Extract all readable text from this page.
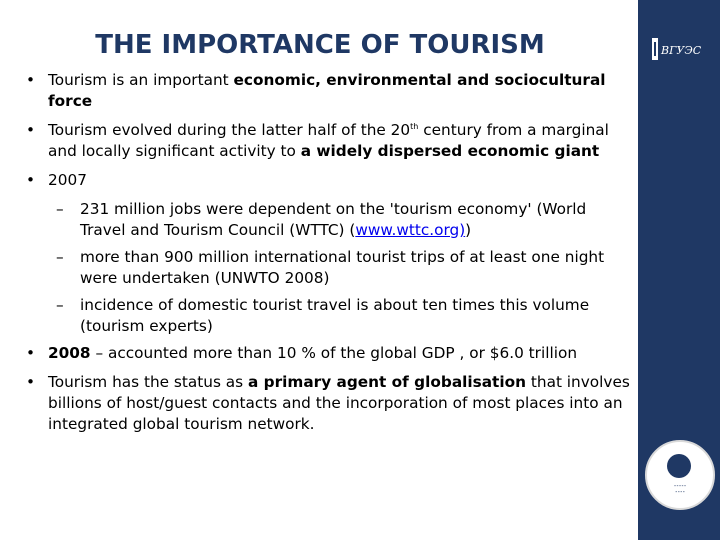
THE IMPORTANCE OF TOURISM
• Tourism is an important economic, environmental and sociocultural force
• Tourism evolved during the latter half of the 20th century from a marginal and locally significant activity to a widely dispersed economic giant
• 2007
– 231 million jobs were dependent on the 'tourism economy' (World Travel and Tourism Council (WTTC) (www.wttc.org))
– more than 900 million international tourist trips of at least one night were undertaken (UNWTO 2008)
– incidence of domestic tourist travel is about ten times this volume (tourism experts)
• 2008 – accounted more than 10 % of the global GDP , or $6.0 trillion
• Tourism has the status as a primary agent of globalisation that involves billions of host/guest contacts and the incorporation of most places into an integrated global tourism network.
ВГУЭС
⁃⁃⁃⁃⁃
⁃⁃⁃⁃
